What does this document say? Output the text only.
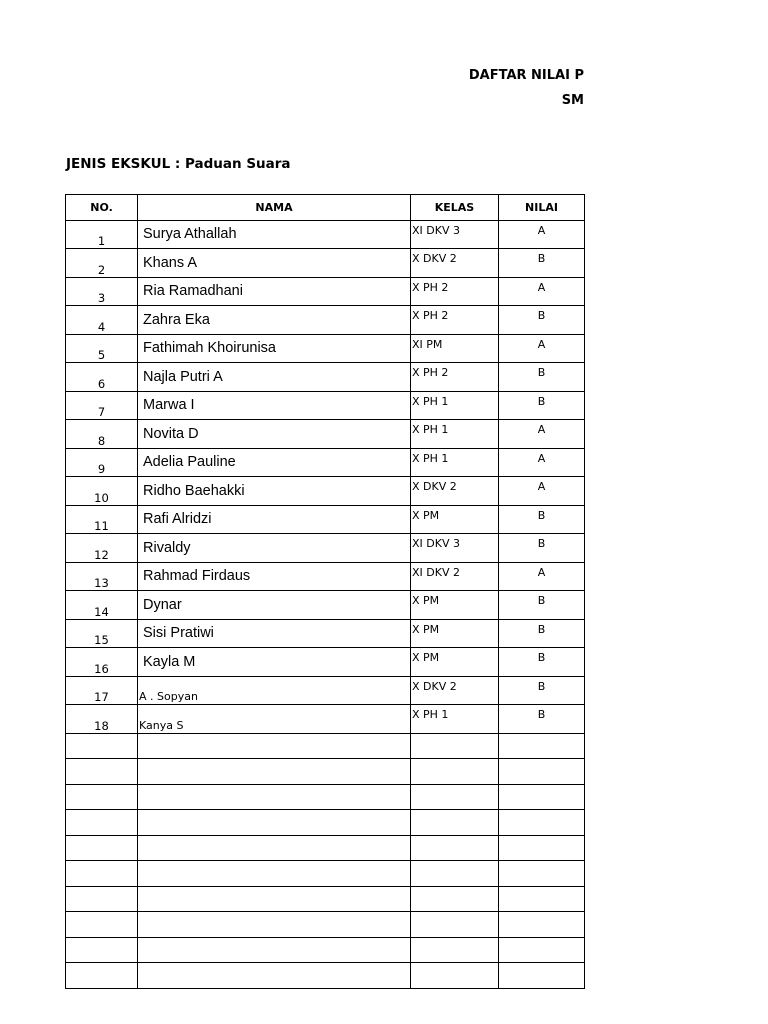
DAFTAR NILAI P
SM
JENIS EKSKUL : Paduan Suara
NO.	NAMA	KELAS	NILAI
1	Surya Athallah	XI DKV 3	A
2	Khans A	X DKV 2	B
3	Ria Ramadhani	X PH 2	A
4	Zahra Eka	X PH 2	B
5	Fathimah Khoirunisa	XI PM	A
6	Najla Putri A	X PH 2	B
7	Marwa I	X PH 1	B
8	Novita D	X PH 1	A
9	Adelia Pauline	X PH 1	A
10	Ridho Baehakki	X DKV 2	A
11	Rafi Alridzi	X PM	B
12	Rivaldy	XI DKV 3	B
13	Rahmad Firdaus	XI DKV 2	A
14	Dynar	X PM	B
15	Sisi Pratiwi	X PM	B
16	Kayla M	X PM	B
17	A . Sopyan	X DKV 2	B
18	Kanya S	X PH 1	B
